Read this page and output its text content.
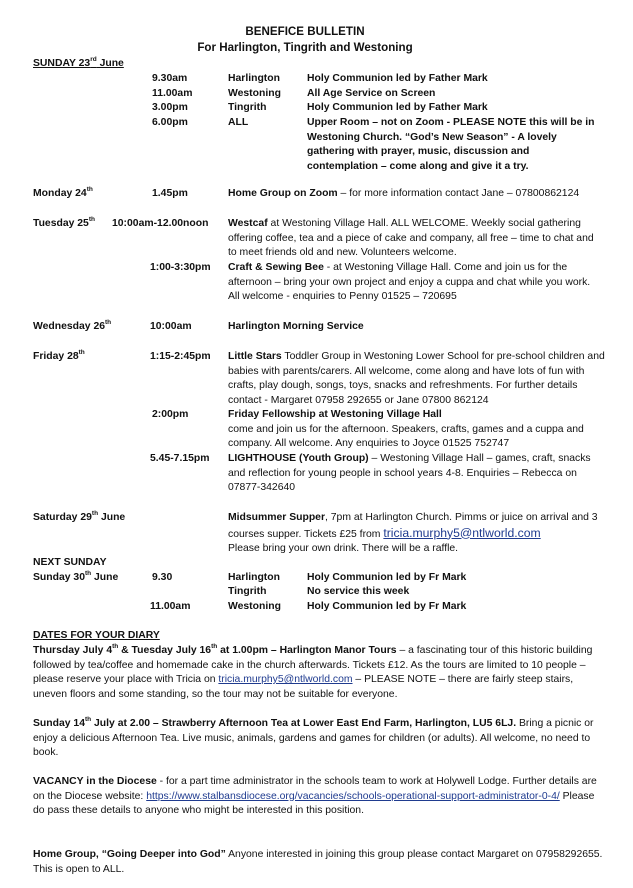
BENEFICE BULLETIN
For Harlington, Tingrith and Westoning
SUNDAY 23rd June
9.30am	Harlington	Holy Communion led by Father Mark
11.00am	Westoning	All Age Service on Screen
3.00pm	Tingrith	Holy Communion led by Father Mark
6.00pm	ALL	Upper Room – not on Zoom - PLEASE NOTE this will be in Westoning Church. “God’s New Season” - A lovely gathering with prayer, music, discussion and contemplation – come along and give it a try.
Monday 24th	1.45pm	Home Group on Zoom – for more information contact Jane – 07800862124
Tuesday 25th 10:00am-12.00noon Westcaf at Westoning Village Hall. ALL WELCOME. Weekly social gathering offering coffee, tea and a piece of cake and company, all free – time to chat and to meet friends old and new. Volunteers welcome.
1:00-3:30pm Craft & Sewing Bee - at Westoning Village Hall. Come and join us for the afternoon – bring your own project and enjoy a cuppa and chat while you work. All welcome - enquiries to Penny 01525 – 720695
Wednesday 26th	10:00am	Harlington Morning Service
Friday 28th	1:15-2:45pm Little Stars Toddler Group in Westoning Lower School for pre-school children and babies with parents/carers. All welcome, come along and have lots of fun with crafts, play dough, songs, toys, snacks and refreshments. For further details contact - Margaret 07958 292655 or Jane 07800 862124
2:00pm	Friday Fellowship at Westoning Village Hall
come and join us for the afternoon. Speakers, crafts, games and a cuppa and company. All welcome. Any enquiries to Joyce 01525 752747
5.45-7.15pm LIGHTHOUSE (Youth Group) – Westoning Village Hall – games, craft, snacks and reflection for young people in school years 4-8. Enquiries – Rebecca on 07877-342640
Saturday 29th June	Midsummer Supper, 7pm at Harlington Church. Pimms or juice on arrival and 3 courses supper. Tickets £25 from tricia.murphy5@ntlworld.com
Please bring your own drink. There will be a raffle.
NEXT SUNDAY
Sunday 30th June	9.30	Harlington	Holy Communion led by Fr Mark
Tingrith	No service this week
11.00am	Westoning	Holy Communion led by Fr Mark
DATES FOR YOUR DIARY
Thursday July 4th & Tuesday July 16th at 1.00pm – Harlington Manor Tours – a fascinating tour of this historic building followed by tea/coffee and homemade cake in the church afterwards. Tickets £12. As the tours are limited to 10 people – please reserve your place with Tricia on tricia.murphy5@ntlworld.com – PLEASE NOTE – there are fairly steep stairs, uneven floors and some standing, so the tour may not be suitable for everyone.
Sunday 14th July at 2.00 – Strawberry Afternoon Tea at Lower East End Farm, Harlington, LU5 6LJ. Bring a picnic or enjoy a delicious Afternoon Tea. Live music, animals, gardens and games for children (or adults). All welcome, no need to book.
VACANCY in the Diocese - for a part time administrator in the schools team to work at Holywell Lodge. Further details are on the Diocese website: https://www.stalbansdiocese.org/vacancies/schools-operational-support-administrator-0-4/ Please do pass these details to anyone who might be interested in this position.
Home Group, “Going Deeper into God” Anyone interested in joining this group please contact Margaret on 07958292655. This is open to ALL.
